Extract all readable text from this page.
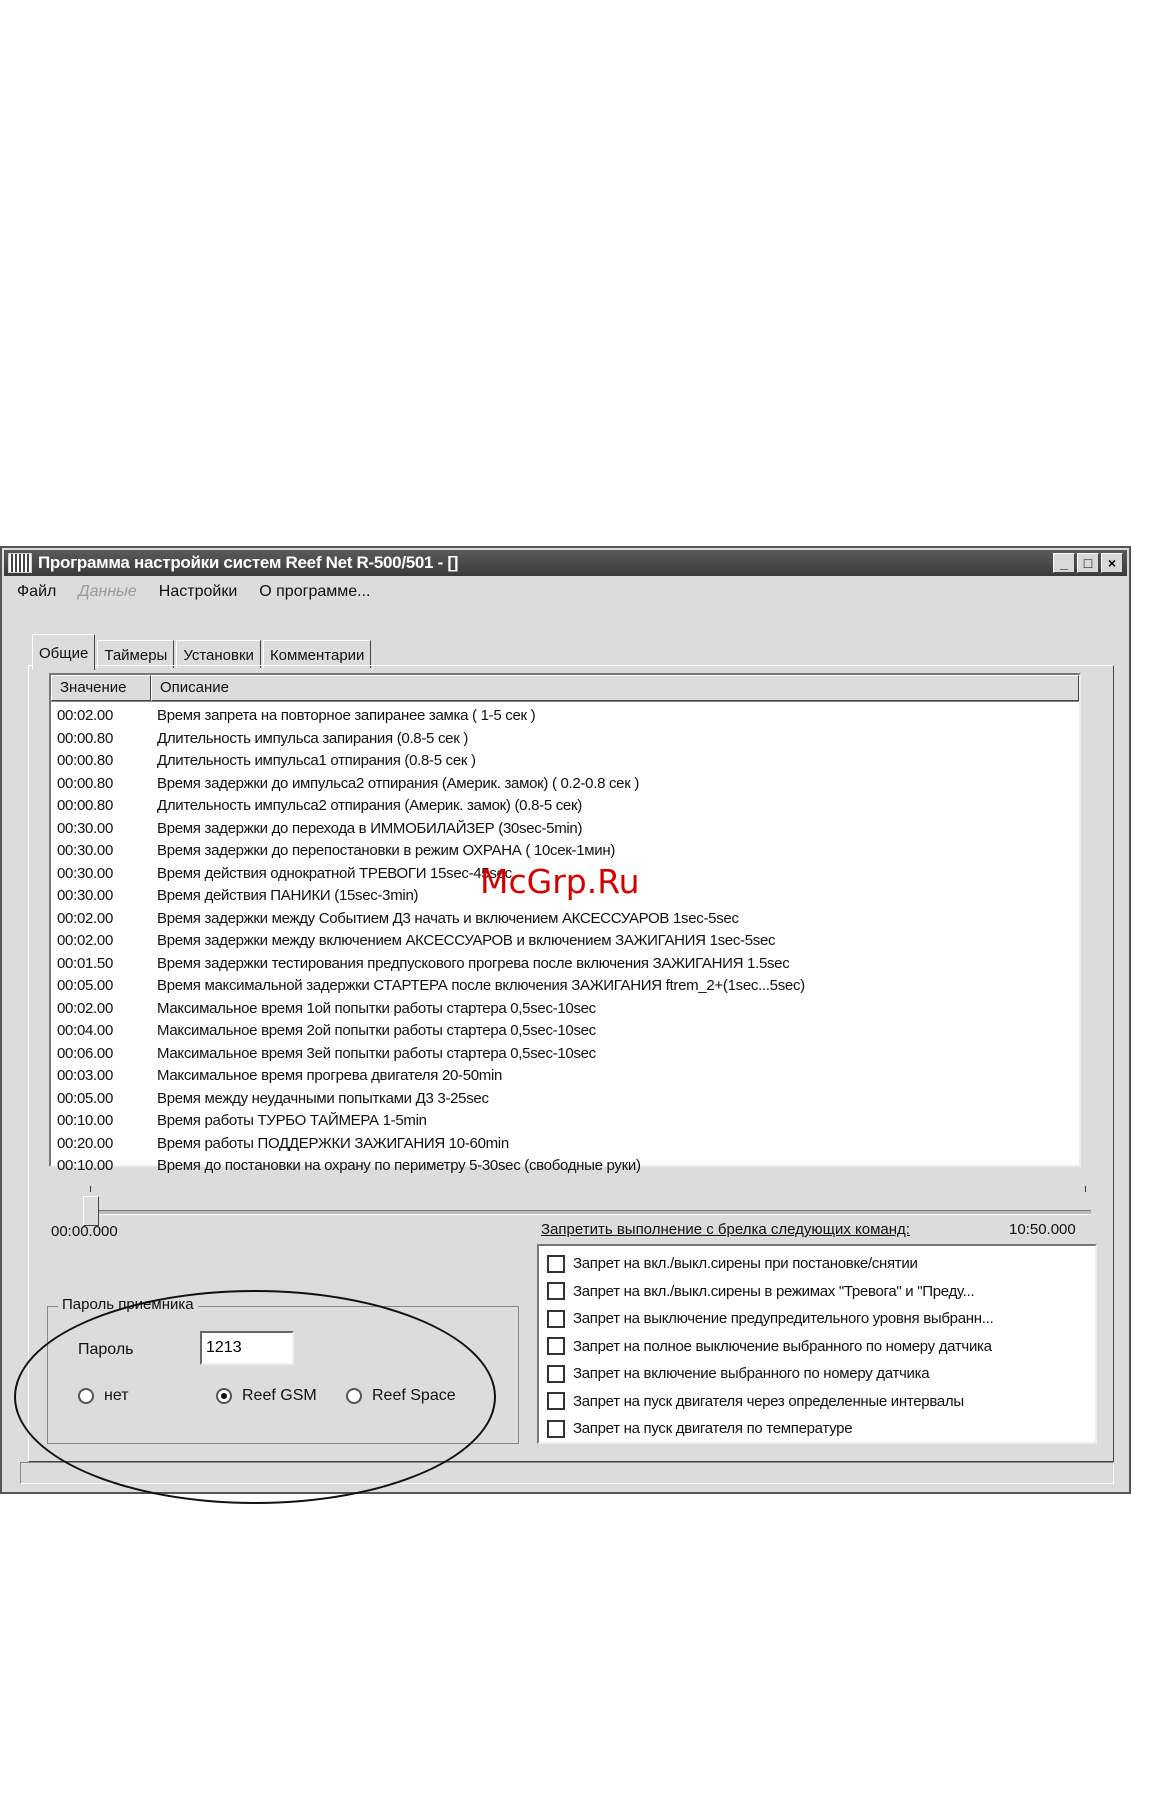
Программа настройки систем Reef Net R-500/501 - []	_	□	×
Файл	Данные	Настройки	О программе...
Общие	Таймеры	Установки	Комментарии
Значение	Описание
00:02.00	Время запрета на повторное запиранее замка ( 1-5 сек )
00:00.80	Длительность импульса запирания (0.8-5 сек )
00:00.80	Длительность импульса1 отпирания (0.8-5 сек )
00:00.80	Время задержки до импульса2 отпирания (Америк. замок) ( 0.2-0.8 сек )
00:00.80	Длительность импульса2 отпирания (Америк. замок) (0.8-5 сек)
00:30.00	Время задержки до перехода в ИММОБИЛАЙЗЕР (30sec-5min)
00:30.00	Время задержки до перепостановки в режим ОХРАНА ( 10сек-1мин)
00:30.00	Время действия однократной ТРЕВОГИ 15sec-45sec
00:30.00	Время действия ПАНИКИ (15sec-3min)
00:02.00	Время задержки между Событием Д3 начать и включением АКСЕССУАРОВ 1sec-5sec
00:02.00	Время задержки между включением АКСЕССУАРОВ и включением ЗАЖИГАНИЯ 1sec-5sec
00:01.50	Время задержки тестирования предпускового прогрева после включения ЗАЖИГАНИЯ 1.5sec
00:05.00	Время максимальной задержки СТАРТЕРА после включения ЗАЖИГАНИЯ ftrem_2+(1sec...5sec)
00:02.00	Максимальное время 1ой попытки работы стартера 0,5sec-10sec
00:04.00	Максимальное время 2ой попытки работы стартера 0,5sec-10sec
00:06.00	Максимальное время 3ей попытки работы стартера 0,5sec-10sec
00:03.00	Максимальное время прогрева двигателя 20-50min
00:05.00	Время между неудачными попытками Д3 3-25sec
00:10.00	Время работы ТУРБО ТАЙМЕРА 1-5min
00:20.00	Время работы ПОДДЕРЖКИ ЗАЖИГАНИЯ 10-60min
00:10.00	Время до постановки на охрану по периметру 5-30sec (свободные руки)
00:00.000	10:50.000
Запретить выполнение с брелка следующих команд:
Запрет на вкл./выкл.сирены при постановке/снятии
Запрет на вкл./выкл.сирены в режимах "Тревога" и "Преду...
Запрет на выключение предупредительного уровня выбранн...
Запрет на полное выключение выбранного по номеру датчика
Запрет на включение выбранного по номеру датчика
Запрет на пуск двигателя через определенные интервалы
Запрет на пуск двигателя по температуре
Пароль приемника
Пароль
1213
нет	Reef GSM	Reef Space
McGrp.Ru
